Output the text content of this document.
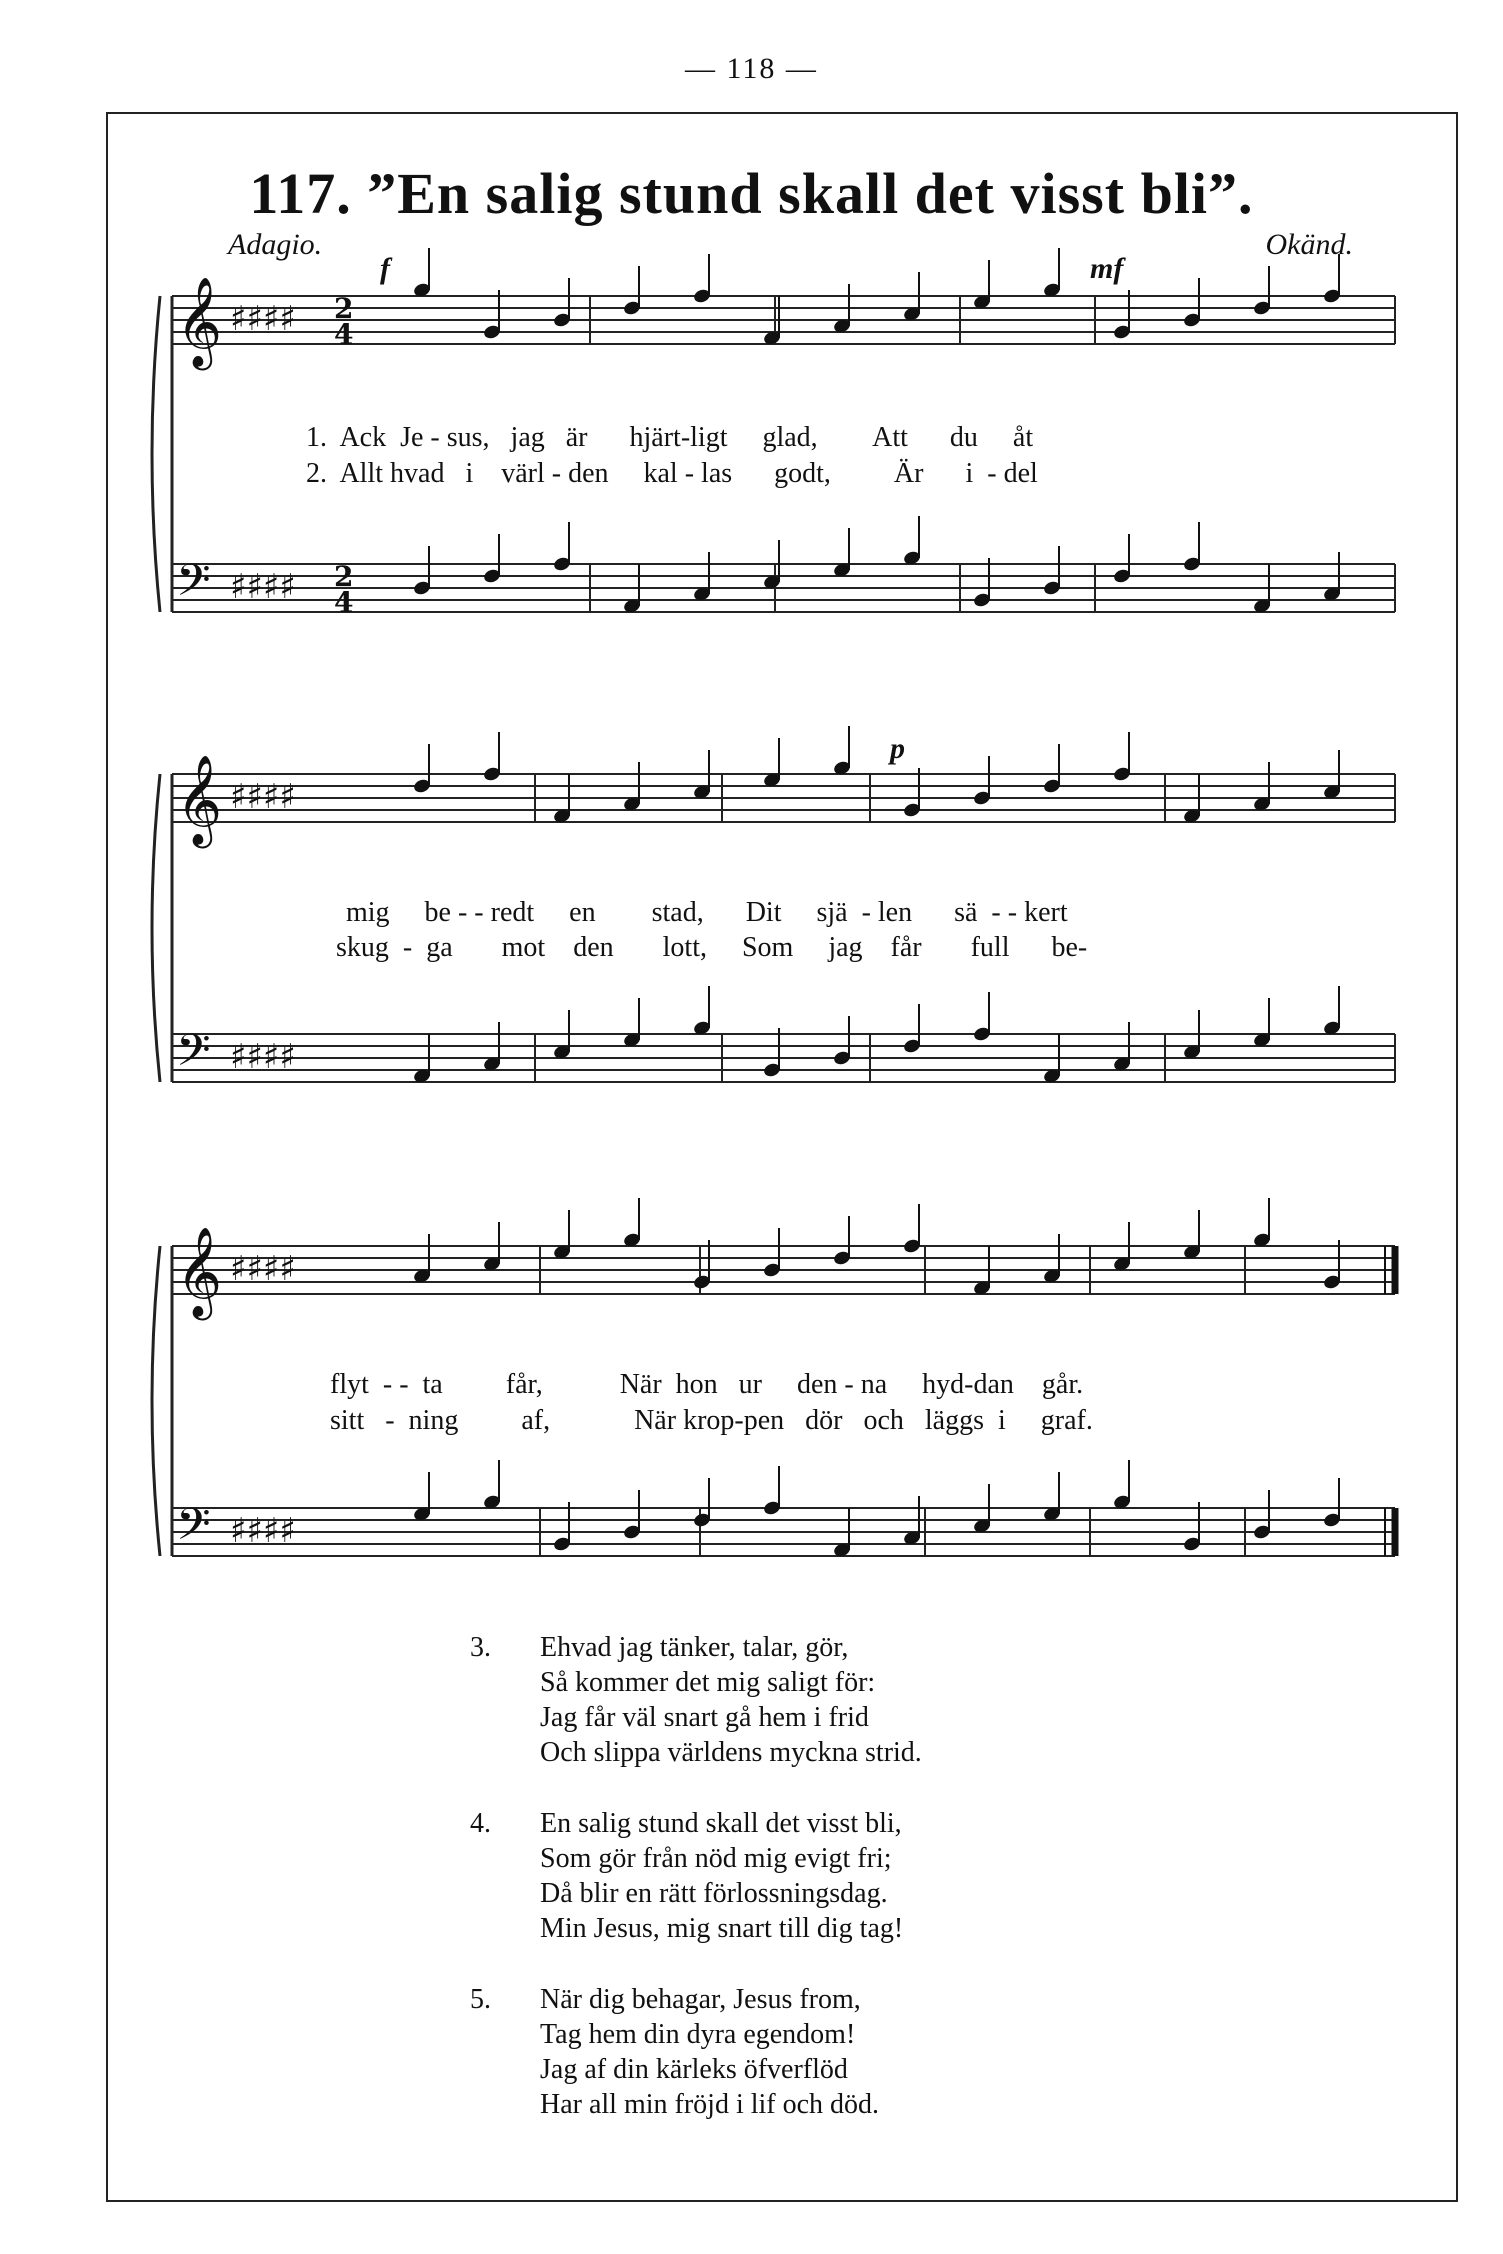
— 118 —
117. ”En salig stund skall det visst bli”.
Adagio.	Okänd.
𝄞 ♯♯♯♯ 2
4
𝄢 ♯♯♯♯ 2
4
𝄞 ♯♯♯♯
𝄢 ♯♯♯♯
𝄞 ♯♯♯♯
𝄢 ♯♯♯♯
f	mf
p
1.  Ack  Je - sus,   jag   är      hjärt-ligt     glad,        Att      du     åt
2.  Allt hvad   i    värl - den     kal - las      godt,         Är      i  - del
mig     be - - redt     en        stad,      Dit     sjä  - len      sä  - - kert
skug  -  ga       mot    den       lott,     Som     jag    får       full      be-
flyt  - -  ta         får,           När  hon   ur     den - na     hyd-dan    går.
sitt   -  ning         af,            När krop-pen   dör   och   läggs  i     graf.
3. Ehvad jag tänker, talar, gör,
Så kommer det mig saligt för:
Jag får väl snart gå hem i frid
Och slippa världens myckna strid.
4. En salig stund skall det visst bli,
Som gör från nöd mig evigt fri;
Då blir en rätt förlossningsdag.
Min Jesus, mig snart till dig tag!
5. När dig behagar, Jesus from,
Tag hem din dyra egendom!
Jag af din kärleks öfverflöd
Har all min fröjd i lif och död.
